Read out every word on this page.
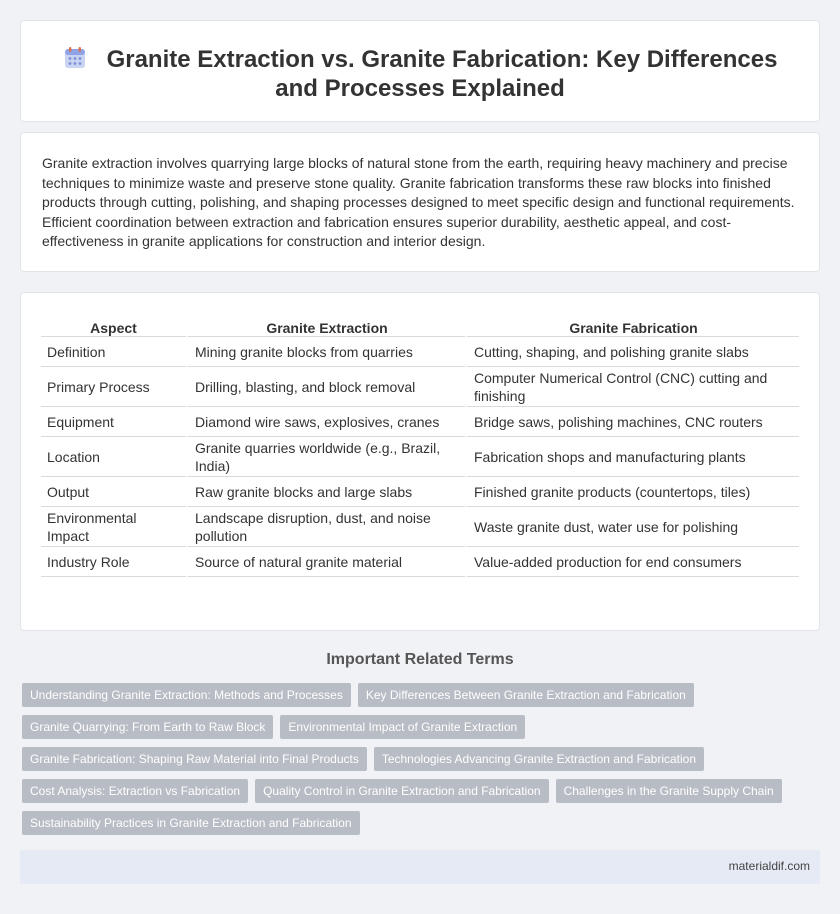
Granite Extraction vs. Granite Fabrication: Key Differences and Processes Explained

Granite extraction involves quarrying large blocks of natural stone from the earth, requiring heavy machinery and precise techniques to minimize waste and preserve stone quality. Granite fabrication transforms these raw blocks into finished products through cutting, polishing, and shaping processes designed to meet specific design and functional requirements. Efficient coordination between extraction and fabrication ensures superior durability, aesthetic appeal, and cost-effectiveness in granite applications for construction and interior design.

Aspect	Granite Extraction	Granite Fabrication
Definition	Mining granite blocks from quarries	Cutting, shaping, and polishing granite slabs
Primary Process	Drilling, blasting, and block removal	Computer Numerical Control (CNC) cutting and finishing
Equipment	Diamond wire saws, explosives, cranes	Bridge saws, polishing machines, CNC routers
Location	Granite quarries worldwide (e.g., Brazil, India)	Fabrication shops and manufacturing plants
Output	Raw granite blocks and large slabs	Finished granite products (countertops, tiles)
Environmental Impact	Landscape disruption, dust, and noise pollution	Waste granite dust, water use for polishing
Industry Role	Source of natural granite material	Value-added production for end consumers
Important Related Terms
Understanding Granite Extraction: Methods and Processes	Key Differences Between Granite Extraction and Fabrication
Granite Quarrying: From Earth to Raw Block	Environmental Impact of Granite Extraction
Granite Fabrication: Shaping Raw Material into Final Products	Technologies Advancing Granite Extraction and Fabrication
Cost Analysis: Extraction vs Fabrication	Quality Control in Granite Extraction and Fabrication	Challenges in the Granite Supply Chain
Sustainability Practices in Granite Extraction and Fabrication
materialdif.com
